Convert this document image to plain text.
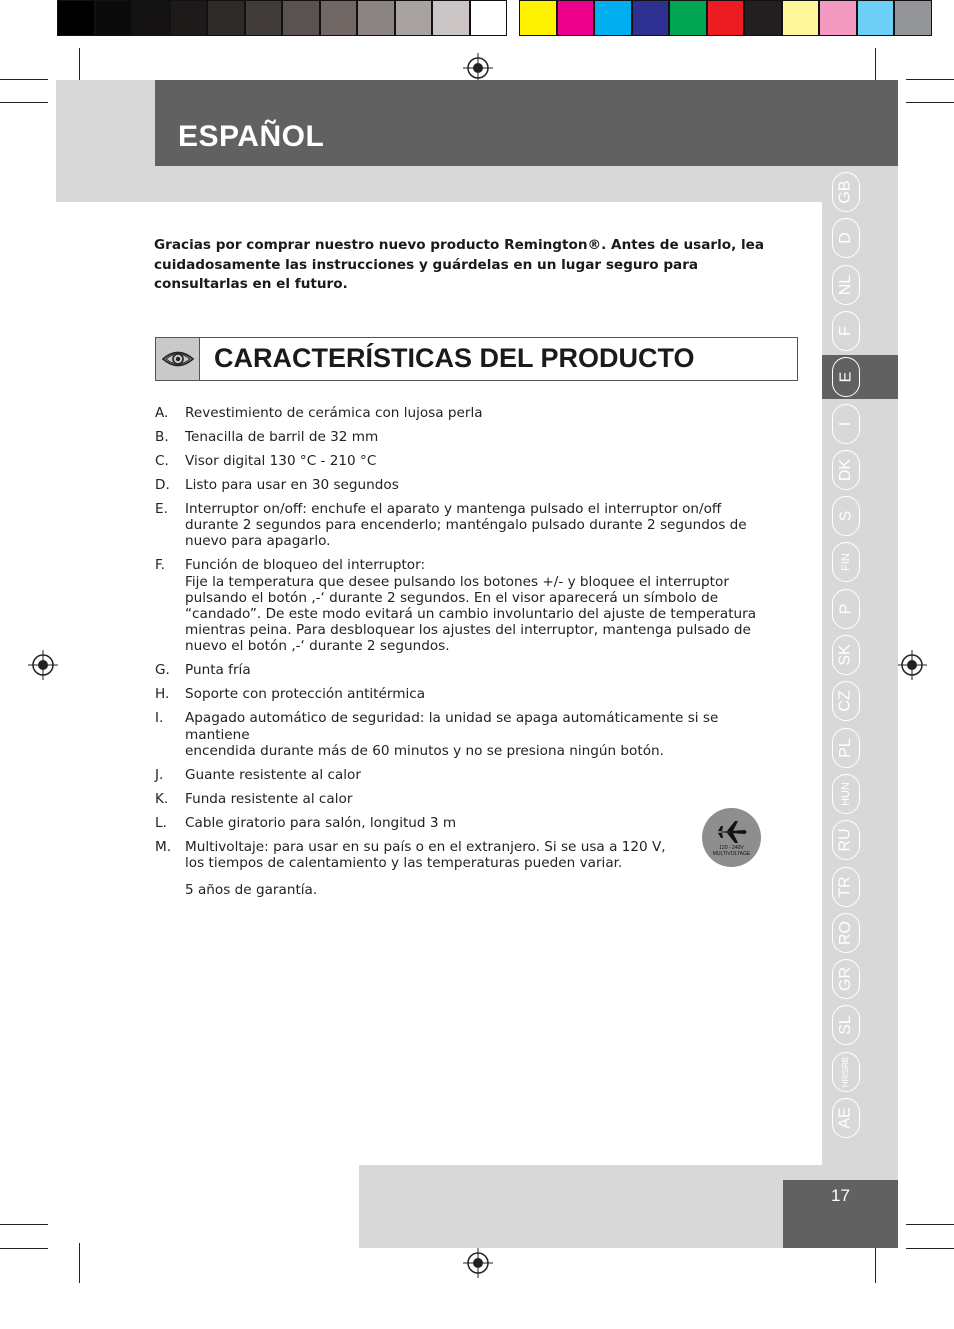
ESPAÑOL
GB
D
NL
F
E
I
DK
S
FIN
P
SK
CZ
PL
HUN
RU
TR
RO
GR
SL
HR/SRB
AE
17

Gracias por comprar nuestro nuevo producto Remington®. Antes de usarlo, lea cuidadosamente las instrucciones y guárdelas en un lugar seguro para consultarlas en el futuro.

CARACTERÍSTICAS DEL PRODUCTO
A. Revestimiento de cerámica con lujosa perla
B. Tenacilla de barril de 32 mm
C. Visor digital 130 °C - 210 °C
D. Listo para usar en 30 segundos
E. Interruptor on/off: enchufe el aparato y mantenga pulsado el interruptor on/off
durante 2 segundos para encenderlo; manténgalo pulsado durante 2 segundos de
nuevo para apagarlo.
F. Función de bloqueo del interruptor:
Fije la temperatura que desee pulsando los botones +/- y bloquee el interruptor
pulsando el botón ‚-‘ durante 2 segundos. En el visor aparecerá un símbolo de
“candado”. De este modo evitará un cambio involuntario del ajuste de temperatura
mientras peina. Para desbloquear los ajustes del interruptor, mantenga pulsado de
nuevo el botón ‚-‘ durante 2 segundos.
G. Punta fría
H. Soporte con protección antitérmica
I. Apagado automático de seguridad: la unidad se apaga automáticamente si se mantiene
encendida durante más de 60 minutos y no se presiona ningún botón.
J. Guante resistente al calor
K. Funda resistente al calor
L. Cable giratorio para salón, longitud 3 m
M. Multivoltaje: para usar en su país o en el extranjero. Si se usa a 120 V,
los tiempos de calentamiento y las temperaturas pueden variar.
120 - 240V
MULTIVOLTAGE

5 años de garantía.
